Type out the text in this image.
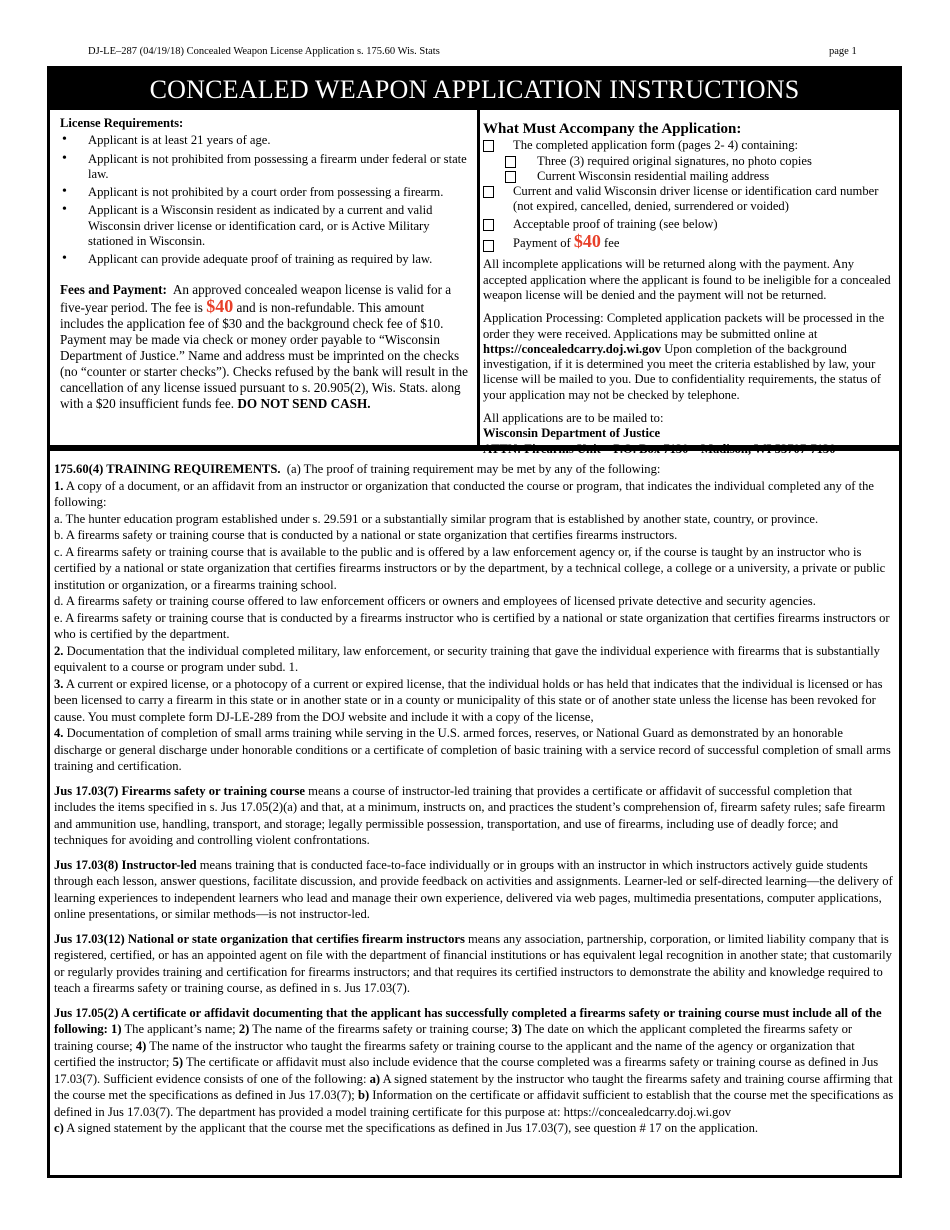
DJ-LE–287 (04/19/18) Concealed Weapon License Application s. 175.60 Wis. Stats	page 1
CONCEALED WEAPON APPLICATION INSTRUCTIONS
License Requirements:
• Applicant is at least 21 years of age.
• Applicant is not prohibited from possessing a firearm under federal or state law.
• Applicant is not prohibited by a court order from possessing a firearm.
• Applicant is a Wisconsin resident as indicated by a current and valid Wisconsin driver license or identification card, or is Active Military stationed in Wisconsin.
• Applicant can provide adequate proof of training as required by law.
Fees and Payment: An approved concealed weapon license is valid for a five-year period. The fee is $40 and is non-refundable. This amount includes the application fee of $30 and the background check fee of $10. Payment may be made via check or money order payable to “Wisconsin Department of Justice.” Name and address must be imprinted on the checks (no “counter or starter checks”). Checks refused by the bank will result in the cancellation of any license issued pursuant to s. 20.905(2), Wis. Stats. along with a $20 insufficient funds fee. DO NOT SEND CASH.
What Must Accompany the Application:
The completed application form (pages 2- 4) containing:
Three (3) required original signatures, no photo copies
Current Wisconsin residential mailing address
Current and valid Wisconsin driver license or identification card number (not expired, cancelled, denied, surrendered or voided)
Acceptable proof of training (see below)
Payment of $40 fee
All incomplete applications will be returned along with the payment. Any accepted application where the applicant is found to be ineligible for a concealed weapon license will be denied and the payment will not be returned.
Application Processing: Completed application packets will be processed in the order they were received. Applications may be submitted online at https://concealedcarry.doj.wi.gov Upon completion of the background investigation, if it is determined you meet the criteria established by law, your license will be mailed to you. Due to confidentiality requirements, the status of your application may not be checked by telephone.
All applications are to be mailed to:
Wisconsin Department of Justice
ATTN: Firearms Unit    P.O. Box 7130    Madison, WI 53707-7130

175.60(4) TRAINING REQUIREMENTS. (a) The proof of training requirement may be met by any of the following:

1. A copy of a document, or an affidavit from an instructor or organization that conducted the course or program, that indicates the individual completed any of the following:

a. The hunter education program established under s. 29.591 or a substantially similar program that is established by another state, country, or province.

b. A firearms safety or training course that is conducted by a national or state organization that certifies firearms instructors.

c. A firearms safety or training course that is available to the public and is offered by a law enforcement agency or, if the course is taught by an instructor who is certified by a national or state organization that certifies firearms instructors or by the department, by a technical college, a college or a university, a private or public institution or organization, or a firearms training school.

d. A firearms safety or training course offered to law enforcement officers or owners and employees of licensed private detective and security agencies.

e. A firearms safety or training course that is conducted by a firearms instructor who is certified by a national or state organization that certifies firearms instructors or who is certified by the department.

2. Documentation that the individual completed military, law enforcement, or security training that gave the individual experience with firearms that is substantially equivalent to a course or program under subd. 1.

3. A current or expired license, or a photocopy of a current or expired license, that the individual holds or has held that indicates that the individual is licensed or has been licensed to carry a firearm in this state or in another state or in a county or municipality of this state or of another state unless the license has been revoked for cause. You must complete form DJ-LE-289 from the DOJ website and include it with a copy of the license,

4. Documentation of completion of small arms training while serving in the U.S. armed forces, reserves, or National Guard as demonstrated by an honorable discharge or general discharge under honorable conditions or a certificate of completion of basic training with a service record of successful completion of small arms training and certification.

Jus 17.03(7) Firearms safety or training course means a course of instructor-led training that provides a certificate or affidavit of successful completion that includes the items specified in s. Jus 17.05(2)(a) and that, at a minimum, instructs on, and practices the student’s comprehension of, firearm safety rules; safe firearm and ammunition use, handling, transport, and storage; legally permissible possession, transportation, and use of firearms, including use of deadly force; and techniques for avoiding and controlling violent confrontations.

Jus 17.03(8) Instructor-led means training that is conducted face-to-face individually or in groups with an instructor in which instructors actively guide students through each lesson, answer questions, facilitate discussion, and provide feedback on activities and assignments. Learner-led or self-directed learning—the delivery of learning experiences to independent learners who lead and manage their own experience, delivered via web pages, multimedia presentations, computer applications, online presentations, or similar methods—is not instructor-led.

Jus 17.03(12) National or state organization that certifies firearm instructors means any association, partnership, corporation, or limited liability company that is registered, certified, or has an appointed agent on file with the department of financial institutions or has equivalent legal recognition in another state; that customarily or regularly provides training and certification for firearms instructors; and that requires its certified instructors to demonstrate the ability and knowledge required to teach a firearms safety or training course, as defined in s. Jus 17.03(7).

Jus 17.05(2) A certificate or affidavit documenting that the applicant has successfully completed a firearms safety or training course must include all of the following: 1) The applicant’s name; 2) The name of the firearms safety or training course; 3) The date on which the applicant completed the firearms safety or training course; 4) The name of the instructor who taught the firearms safety or training course to the applicant and the name of the agency or organization that certified the instructor; 5) The certificate or affidavit must also include evidence that the course completed was a firearms safety or training course as defined in Jus 17.03(7). Sufficient evidence consists of one of the following: a) A signed statement by the instructor who taught the firearms safety and training course affirming that the course met the specifications as defined in Jus 17.03(7); b) Information on the certificate or affidavit sufficient to establish that the course met the specifications as defined in Jus 17.03(7). The department has provided a model training certificate for this purpose at: https://concealedcarry.doj.wi.gov

c) A signed statement by the applicant that the course met the specifications as defined in Jus 17.03(7), see question # 17 on the application.
